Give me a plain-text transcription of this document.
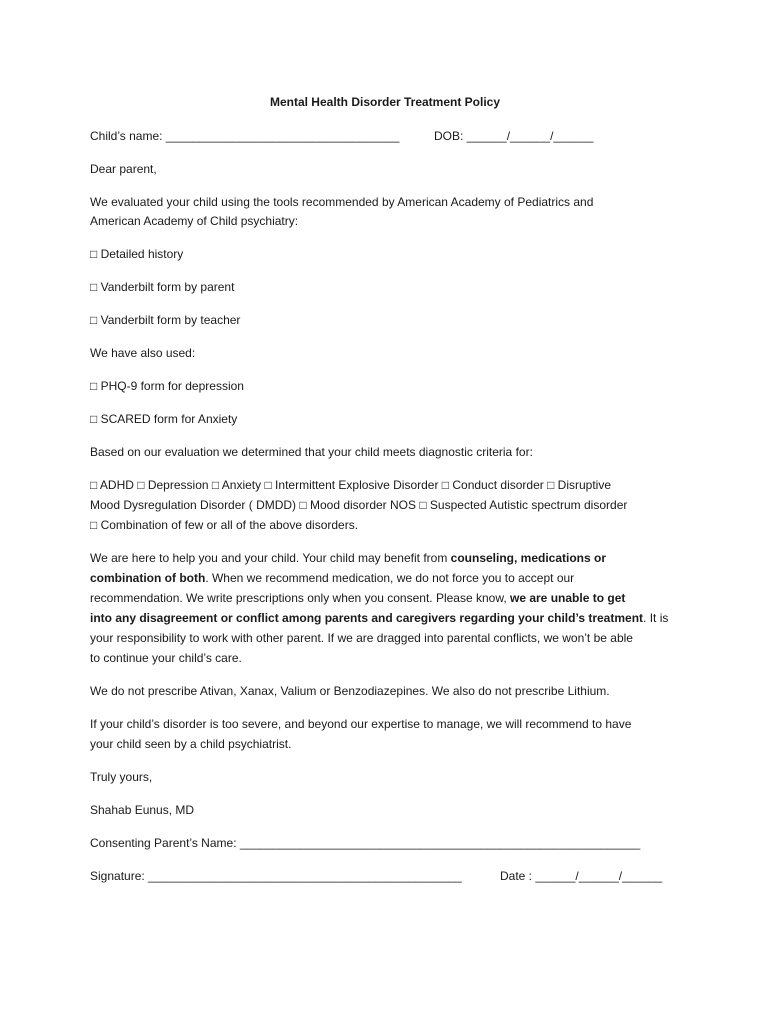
Mental Health Disorder Treatment Policy
Child’s name: ___________________________________	DOB: ______/______/______
Dear parent,
We evaluated your child using the tools recommended by American Academy of Pediatrics and
American Academy of Child psychiatry:
□ Detailed history
□ Vanderbilt form by parent
□ Vanderbilt form by teacher
We have also used:
□ PHQ-9 form for depression
□ SCARED form for Anxiety
Based on our evaluation we determined that your child meets diagnostic criteria for:
□ ADHD □ Depression □ Anxiety □ Intermittent Explosive Disorder □ Conduct disorder □ Disruptive
Mood Dysregulation Disorder ( DMDD) □ Mood disorder NOS □ Suspected Autistic spectrum disorder
□ Combination of few or all of the above disorders.
We are here to help you and your child. Your child may benefit from counseling, medications or
combination of both. When we recommend medication, we do not force you to accept our
recommendation. We write prescriptions only when you consent. Please know, we are unable to get
into any disagreement or conflict among parents and caregivers regarding your child’s treatment. It is
your responsibility to work with other parent. If we are dragged into parental conflicts, we won’t be able
to continue your child’s care.
We do not prescribe Ativan, Xanax, Valium or Benzodiazepines. We also do not prescribe Lithium.
If your child’s disorder is too severe, and beyond our expertise to manage, we will recommend to have
your child seen by a child psychiatrist.
Truly yours,
Shahab Eunus, MD
Consenting Parent’s Name: ____________________________________________________________
Signature: _______________________________________________	Date : ______/______/______
